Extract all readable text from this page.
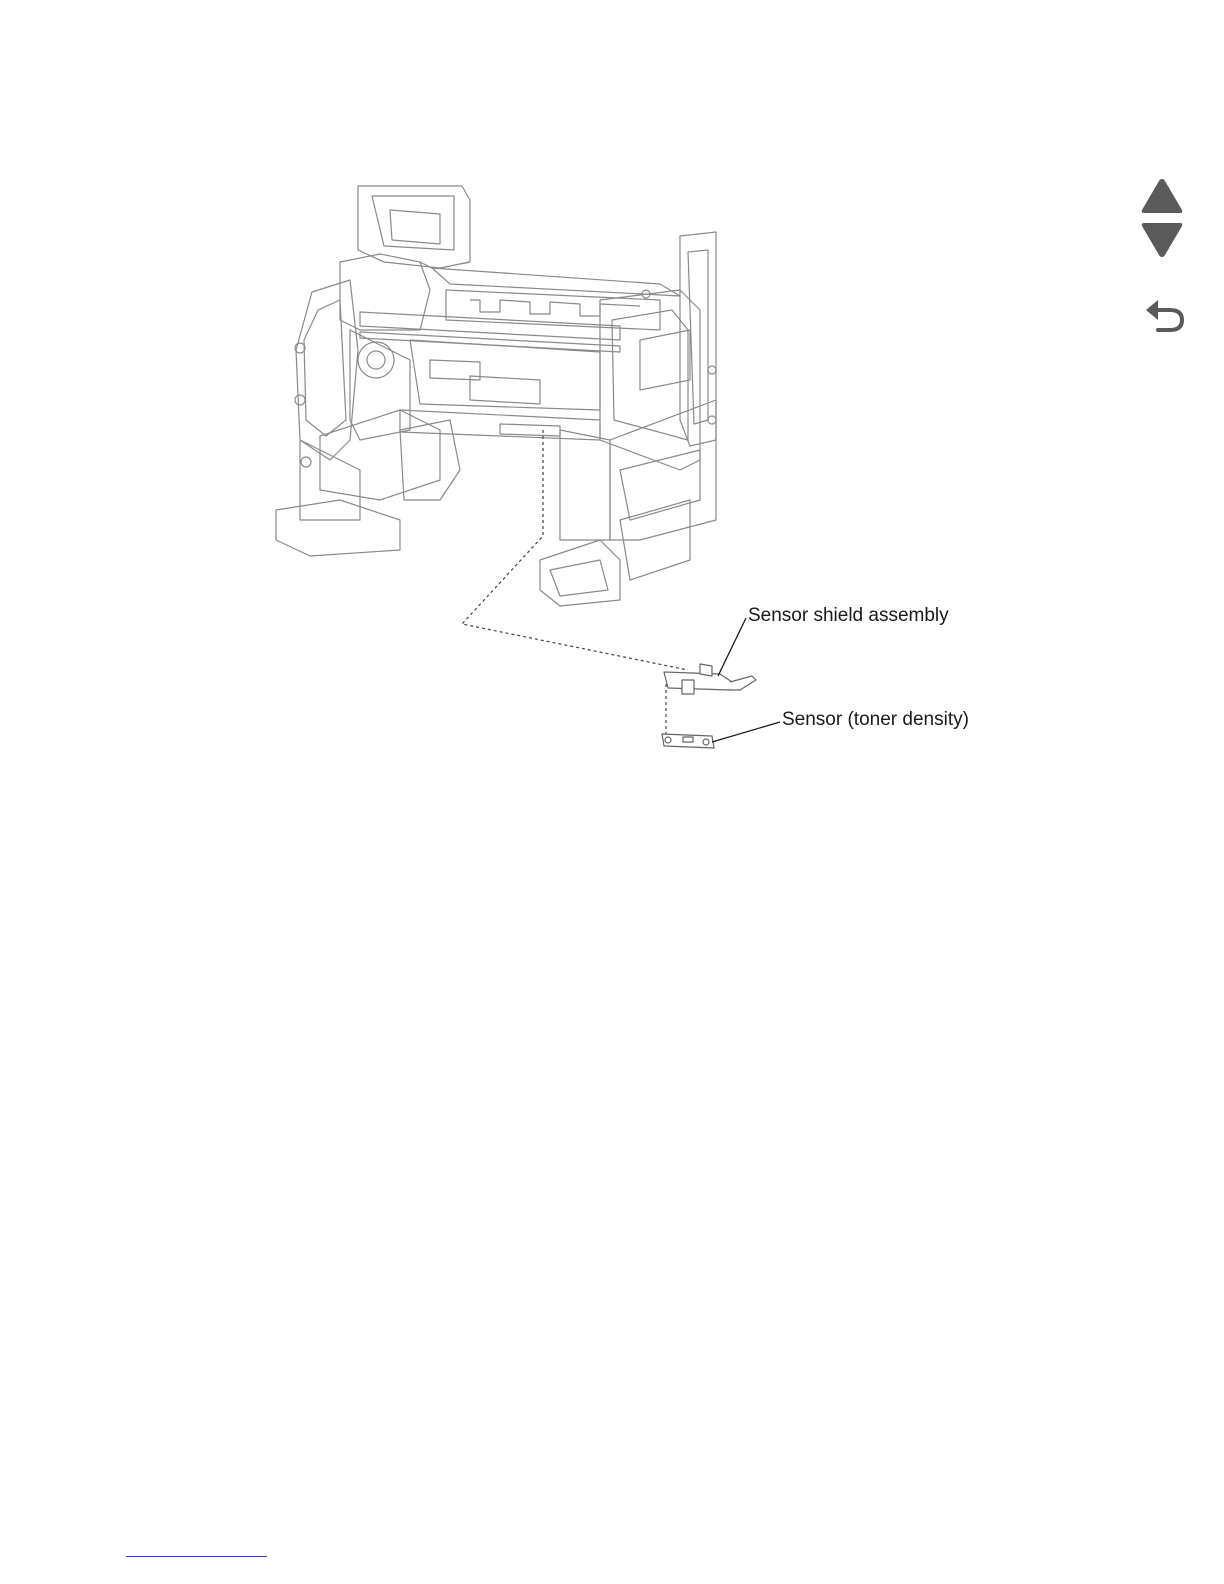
Sensor shield assembly
Sensor (toner density)
